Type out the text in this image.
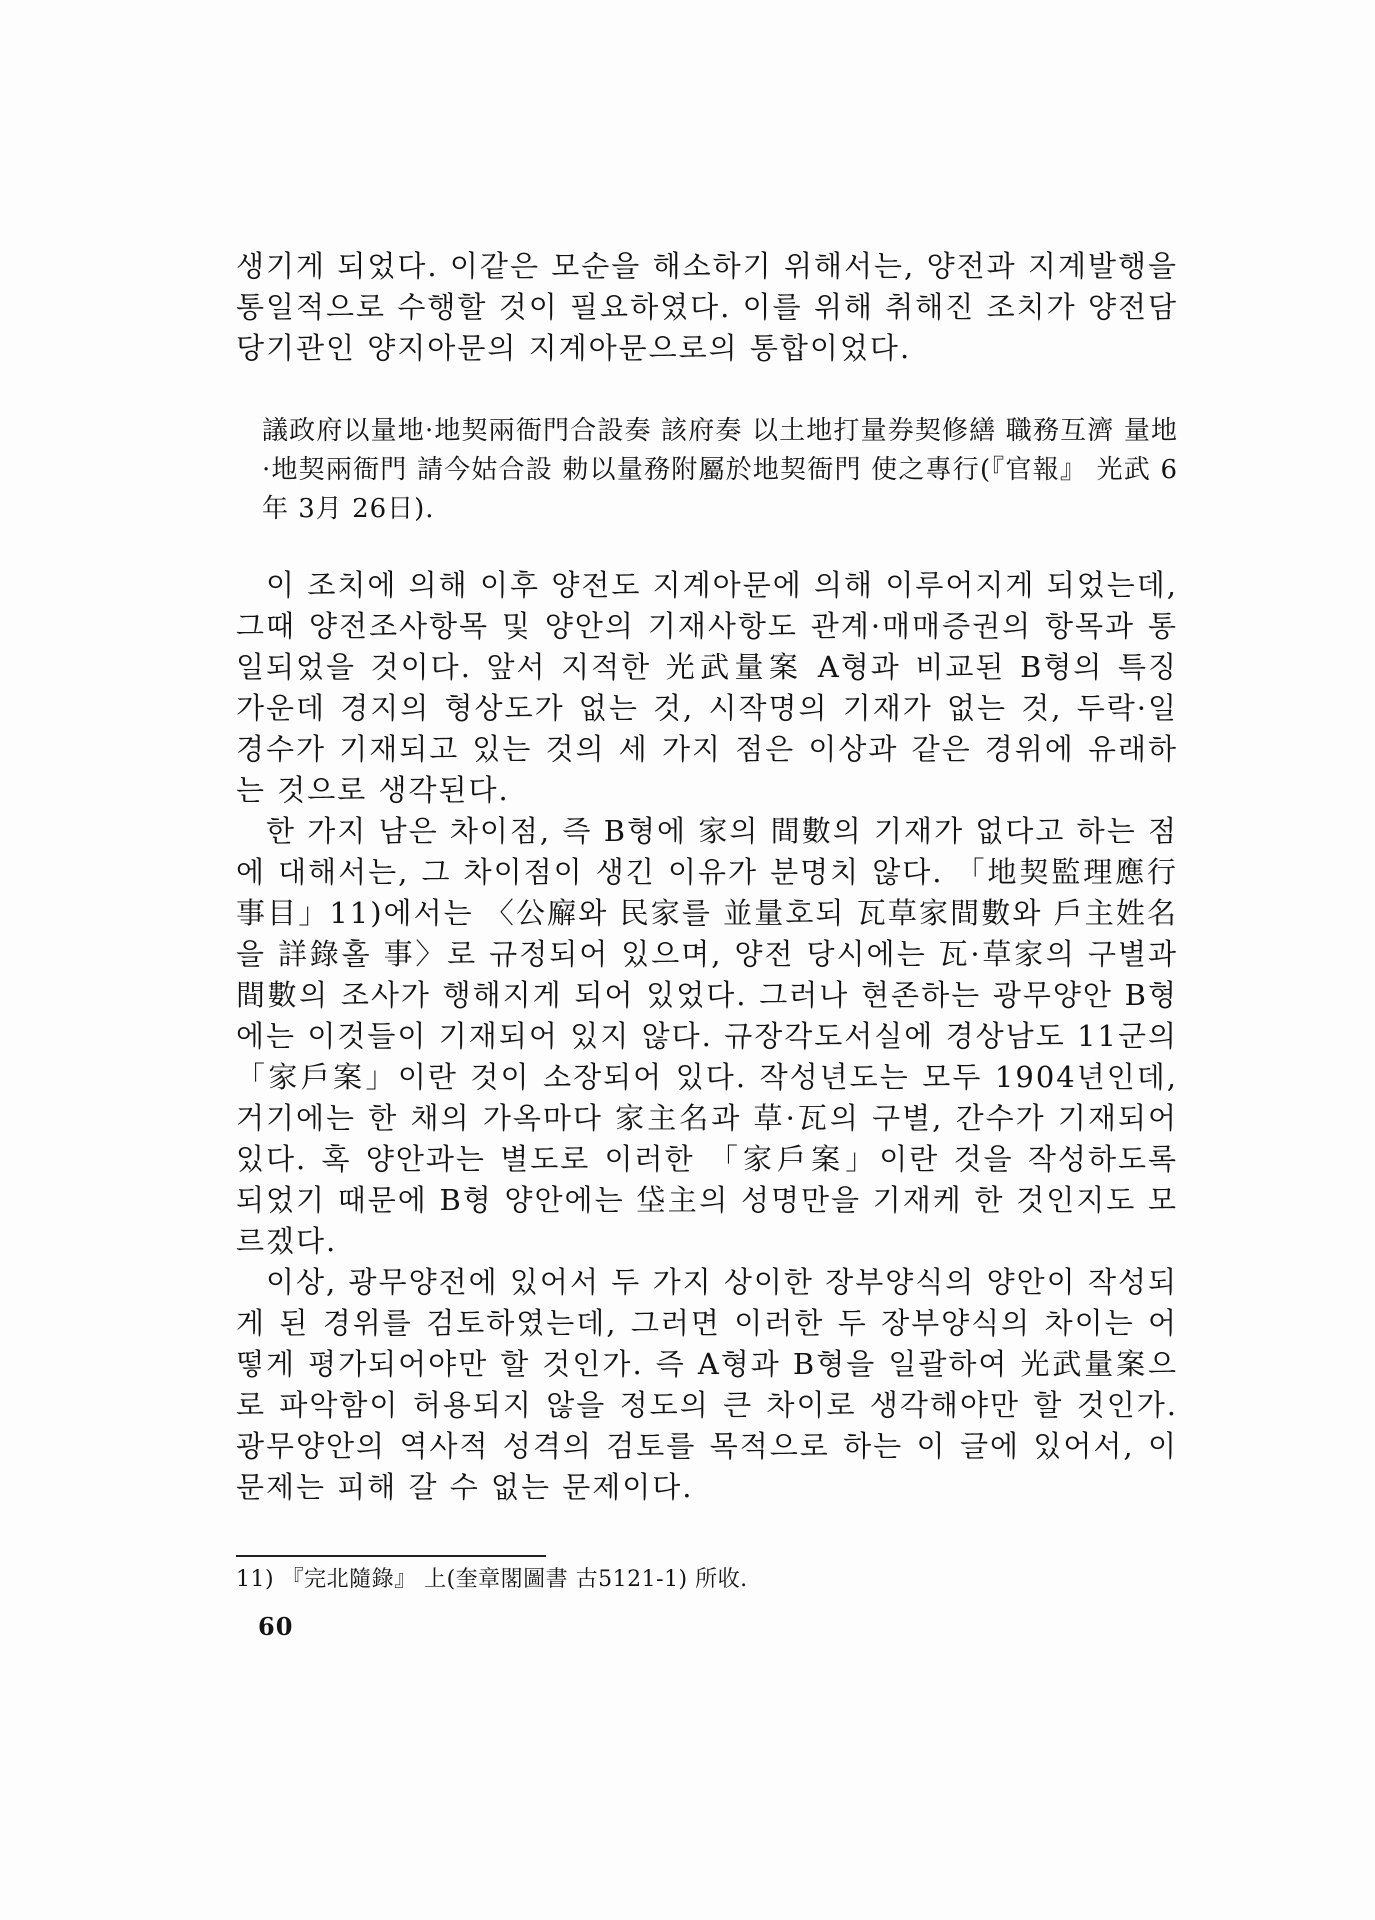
생기게 되었다. 이같은 모순을 해소하기 위해서는, 양전과 지계발행을 통일적으로 수행할 것이 필요하였다. 이를 위해 취해진 조치가 양전담당기관인 양지아문의 지계아문으로의 통합이었다.
議政府以量地·地契兩衙門合設奏 該府奏 以土地打量券契修繕 職務互濟 量地·地契兩衙門 請今姑合設 勅以量務附屬於地契衙門 使之專行(『官報』 光武 6年 3月 26日).

이 조치에 의해 이후 양전도 지계아문에 의해 이루어지게 되었는데, 그때 양전조사항목 및 양안의 기재사항도 관계·매매증권의 항목과 통일되었을 것이다. 앞서 지적한 光武量案 A형과 비교된 B형의 특징 가운데 경지의 형상도가 없는 것, 시작명의 기재가 없는 것, 두락·일경수가 기재되고 있는 것의 세 가지 점은 이상과 같은 경위에 유래하는 것으로 생각된다.

한 가지 남은 차이점, 즉 B형에 家의 間數의 기재가 없다고 하는 점에 대해서는, 그 차이점이 생긴 이유가 분명치 않다. 「地契監理應行事目」11)에서는 〈公廨와 民家를 並量호되 瓦草家間數와 戶主姓名을 詳錄홀 事〉로 규정되어 있으며, 양전 당시에는 瓦·草家의 구별과 間數의 조사가 행해지게 되어 있었다. 그러나 현존하는 광무양안 B형에는 이것들이 기재되어 있지 않다. 규장각도서실에 경상남도 11군의 「家戶案」이란 것이 소장되어 있다. 작성년도는 모두 1904년인데, 거기에는 한 채의 가옥마다 家主名과 草·瓦의 구별, 간수가 기재되어 있다. 혹 양안과는 별도로 이러한 「家戶案」이란 것을 작성하도록 되었기 때문에 B형 양안에는 垈主의 성명만을 기재케 한 것인지도 모르겠다.

이상, 광무양전에 있어서 두 가지 상이한 장부양식의 양안이 작성되게 된 경위를 검토하였는데, 그러면 이러한 두 장부양식의 차이는 어떻게 평가되어야만 할 것인가. 즉 A형과 B형을 일괄하여 光武量案으로 파악함이 허용되지 않을 정도의 큰 차이로 생각해야만 할 것인가. 광무양안의 역사적 성격의 검토를 목적으로 하는 이 글에 있어서, 이 문제는 피해 갈 수 없는 문제이다.

11) 『完北隨錄』 上(奎章閣圖書 古5121-1) 所收.
60
